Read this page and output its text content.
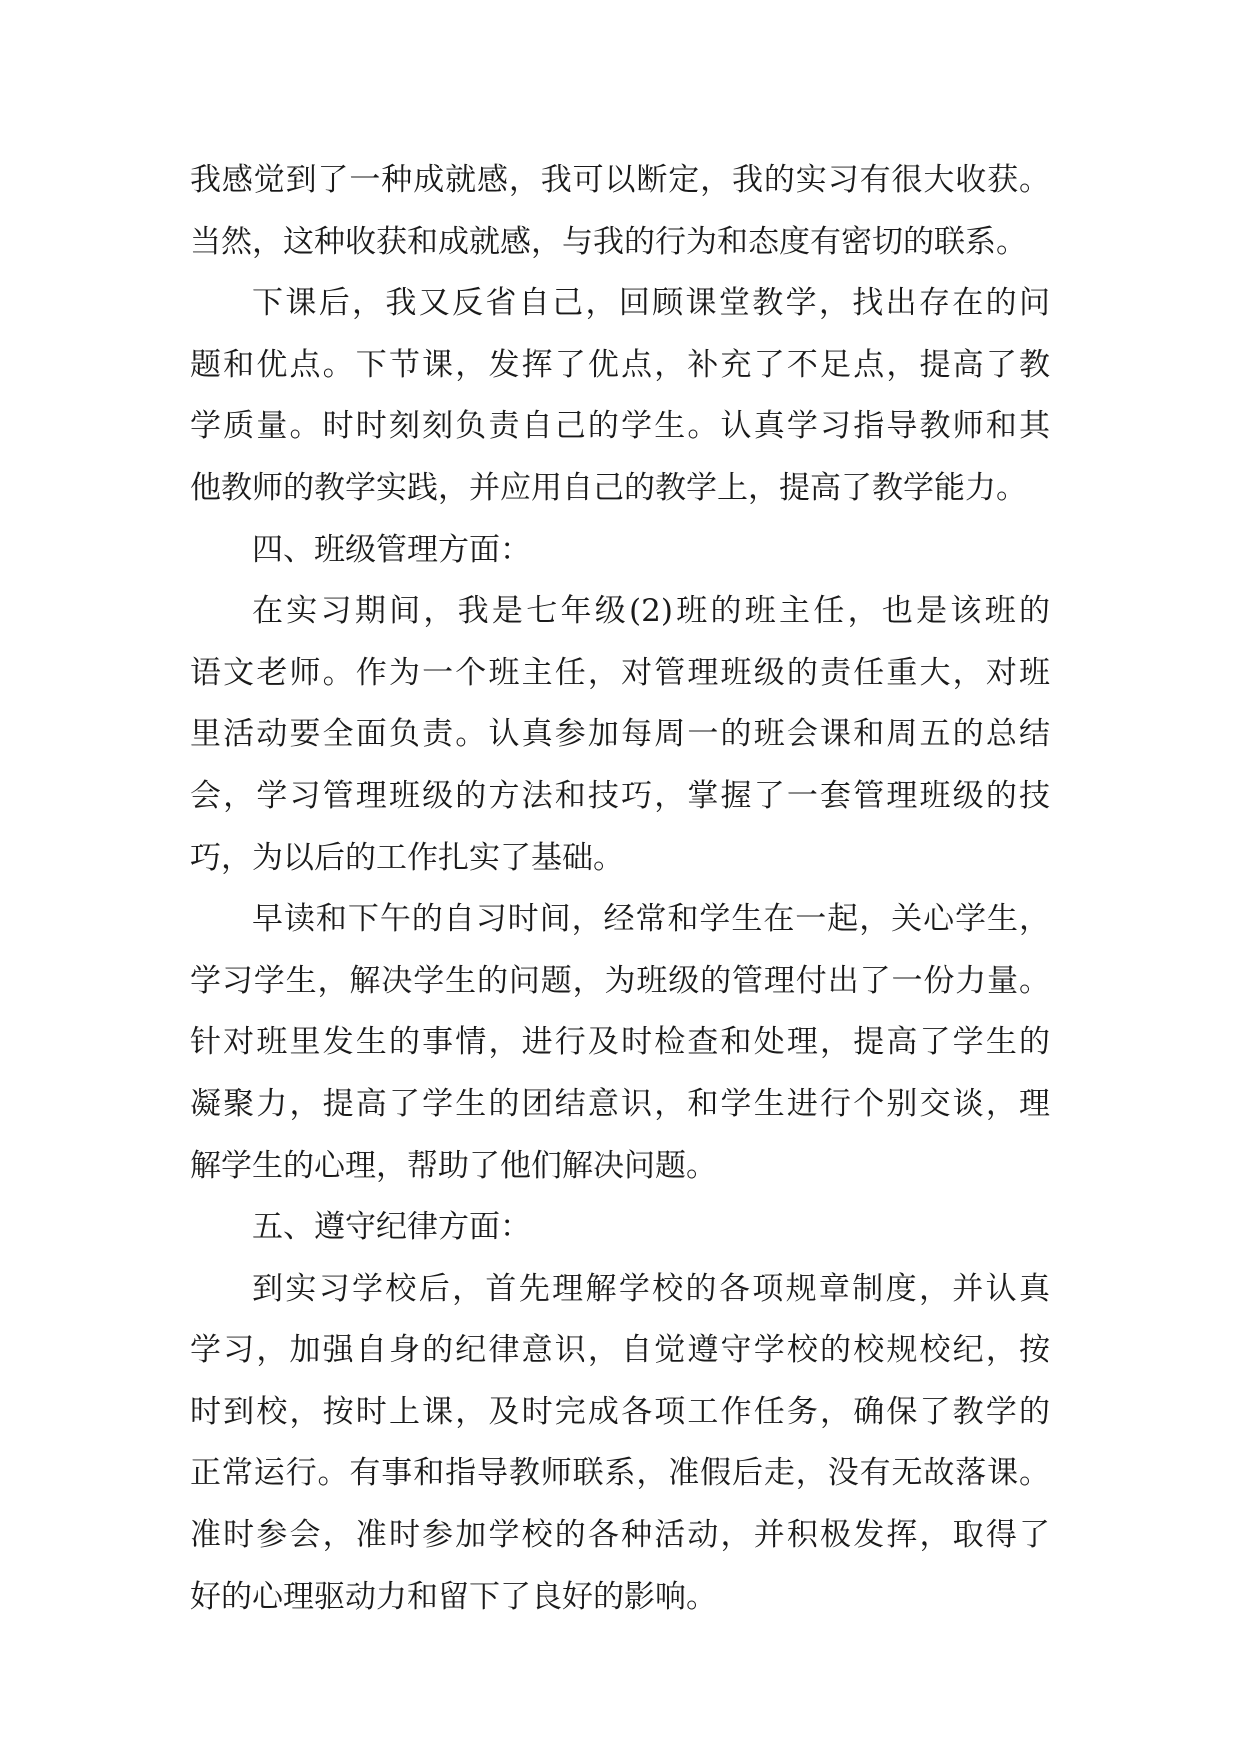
我感觉到了一种成就感，我可以断定，我的实习有很大收获。
当然，这种收获和成就感，与我的行为和态度有密切的联系。
下课后，我又反省自己，回顾课堂教学，找出存在的问
题和优点。下节课，发挥了优点，补充了不足点，提高了教
学质量。时时刻刻负责自己的学生。认真学习指导教师和其
他教师的教学实践，并应用自己的教学上，提高了教学能力。
四、班级管理方面：
在实习期间，我是七年级(2)班的班主任，也是该班的
语文老师。作为一个班主任，对管理班级的责任重大，对班
里活动要全面负责。认真参加每周一的班会课和周五的总结
会，学习管理班级的方法和技巧，掌握了一套管理班级的技
巧，为以后的工作扎实了基础。
早读和下午的自习时间，经常和学生在一起，关心学生，
学习学生，解决学生的问题，为班级的管理付出了一份力量。
针对班里发生的事情，进行及时检查和处理，提高了学生的
凝聚力，提高了学生的团结意识，和学生进行个别交谈，理
解学生的心理，帮助了他们解决问题。
五、遵守纪律方面：
到实习学校后，首先理解学校的各项规章制度，并认真
学习，加强自身的纪律意识，自觉遵守学校的校规校纪，按
时到校，按时上课，及时完成各项工作任务，确保了教学的
正常运行。有事和指导教师联系，准假后走，没有无故落课。
准时参会，准时参加学校的各种活动，并积极发挥，取得了
好的心理驱动力和留下了良好的影响。
